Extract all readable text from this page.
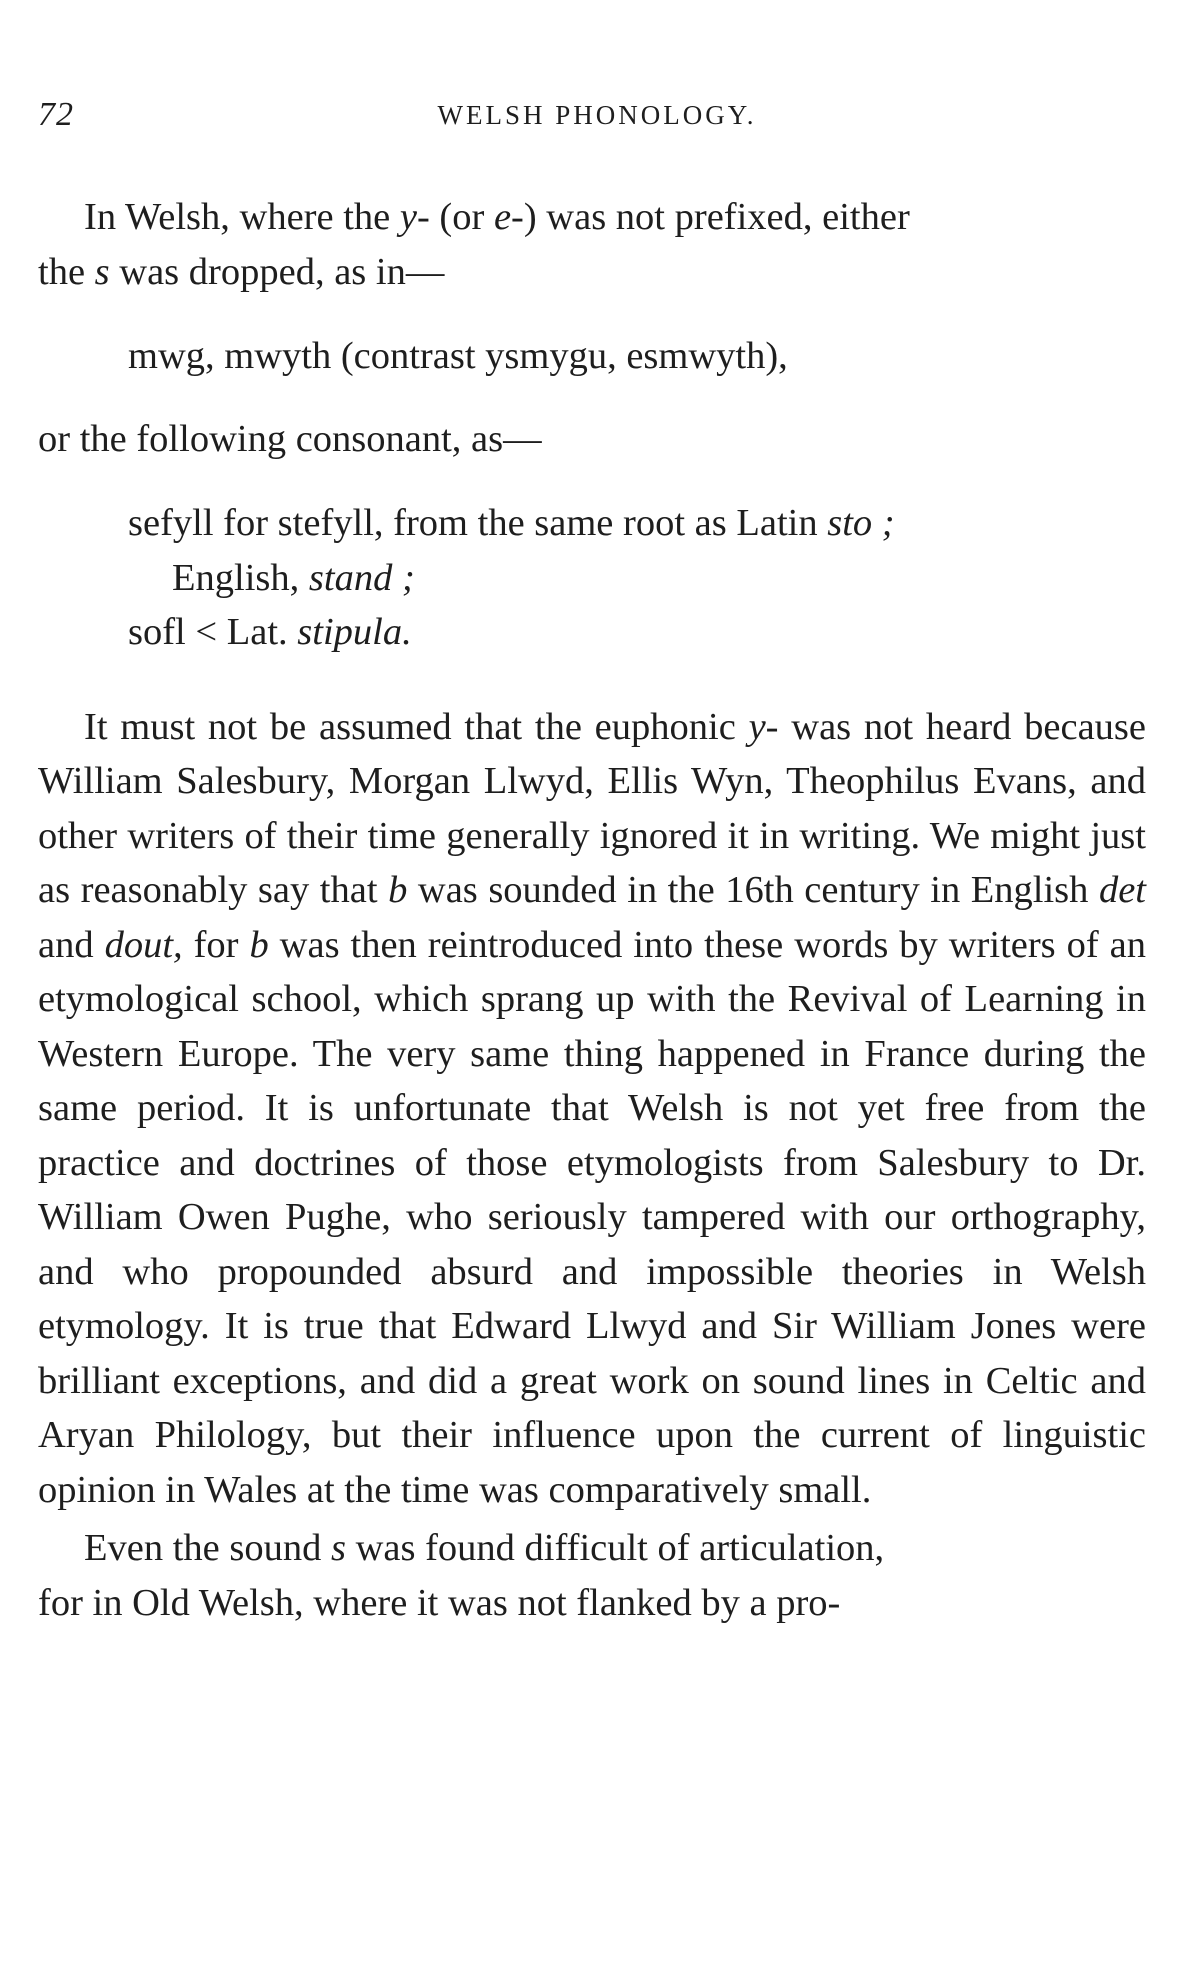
72	WELSH PHONOLOGY.

In Welsh, where the y- (or e-) was not prefixed, either

the s was dropped, as in—

mwg, mwyth (contrast ysmygu, esmwyth),

or the following consonant, as—

sefyll for stefyll, from the same root as Latin sto ;

English, stand ;

sofl < Lat. stipula.

It must not be assumed that the euphonic y- was not heard because William Salesbury, Morgan Llwyd, Ellis Wyn, Theophilus Evans, and other writers of their time generally ignored it in writing. We might just as reasonably say that b was sounded in the 16th century in English det and dout, for b was then reintroduced into these words by writers of an etymological school, which sprang up with the Revival of Learning in Western Europe. The very same thing happened in France during the same period. It is unfortunate that Welsh is not yet free from the practice and doctrines of those etymologists from Salesbury to Dr. William Owen Pughe, who seriously tampered with our orthography, and who propounded absurd and impossible theories in Welsh etymology. It is true that Edward Llwyd and Sir William Jones were brilliant exceptions, and did a great work on sound lines in Celtic and Aryan Philology, but their influence upon the current of linguistic opinion in Wales at the time was comparatively small.

Even the sound s was found difficult of articulation,

for in Old Welsh, where it was not flanked by a pro-
